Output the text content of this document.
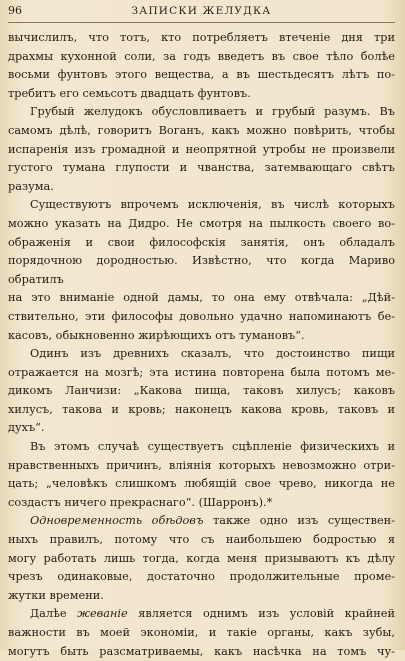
96	ЗАПИСКИ ЖЕЛУДКА
вычислилъ, что тотъ, кто потребляетъ втеченіе дня три
драхмы кухонной соли, за годъ введетъ въ свое тѣло болѣе
восьми фунтовъ этого вещества, а въ шестьдесятъ лѣтъ по-
требитъ его семьсотъ двадцать фунтовъ.
Грубый желудокъ обусловливаетъ и грубый разумъ. Въ
самомъ дѣлѣ, говоритъ Воганъ, какъ можно повѣрить, чтобы
испаренія изъ громадной и неопрятной утробы не произвели
густого тумана глупости и чванства, затемвающаго свѣтъ
разума.
Существуютъ впрочемъ исключенія, въ числѣ которыхъ
можно указать на Дидро. Не смотря на пылкость своего во-
ображенія и свои философскія занятія, онъ обладалъ порядочною дородностью. Извѣстно, что когда Мариво обратилъ
на это вниманіе одной дамы, то она ему отвѣчала: „Дѣй-
ствительно, эти философы довольно удачно напоминаютъ бе-
касовъ, обыкновенно жирѣющихъ отъ тумановъ“.
Одинъ изъ древнихъ сказалъ, что достоинство пищи
отражается на мозгѣ; эта истина повторена была потомъ ме-
дикомъ Ланчизи: „Какова пища, таковъ хилусъ; каковъ
хилусъ, такова и кровь; наконецъ какова кровь, таковъ и
духъ“.
Въ этомъ случаѣ существуетъ сцѣпленіе физическихъ и
нравственныхъ причинъ, вліянія которыхъ невозможно отри-
цать; „человѣкъ слишкомъ любящій свое чрево, никогда не
создастъ ничего прекраснаго“. (Шарронъ).*
Одновременность обѣдовъ также одно изъ существен-
ныхъ правилъ, потому что съ наибольшею бодростью я
могу работать лишь тогда, когда меня призываютъ къ дѣлу
чрезъ одинаковые, достаточно продолжительные проме-
жутки времени.
Далѣе жеваніе является однимъ изъ условій крайней
важности въ моей экономіи, и такіе органы, какъ зубы,
могутъ быть разсматриваемы, какъ насѣчка на томъ чу-
